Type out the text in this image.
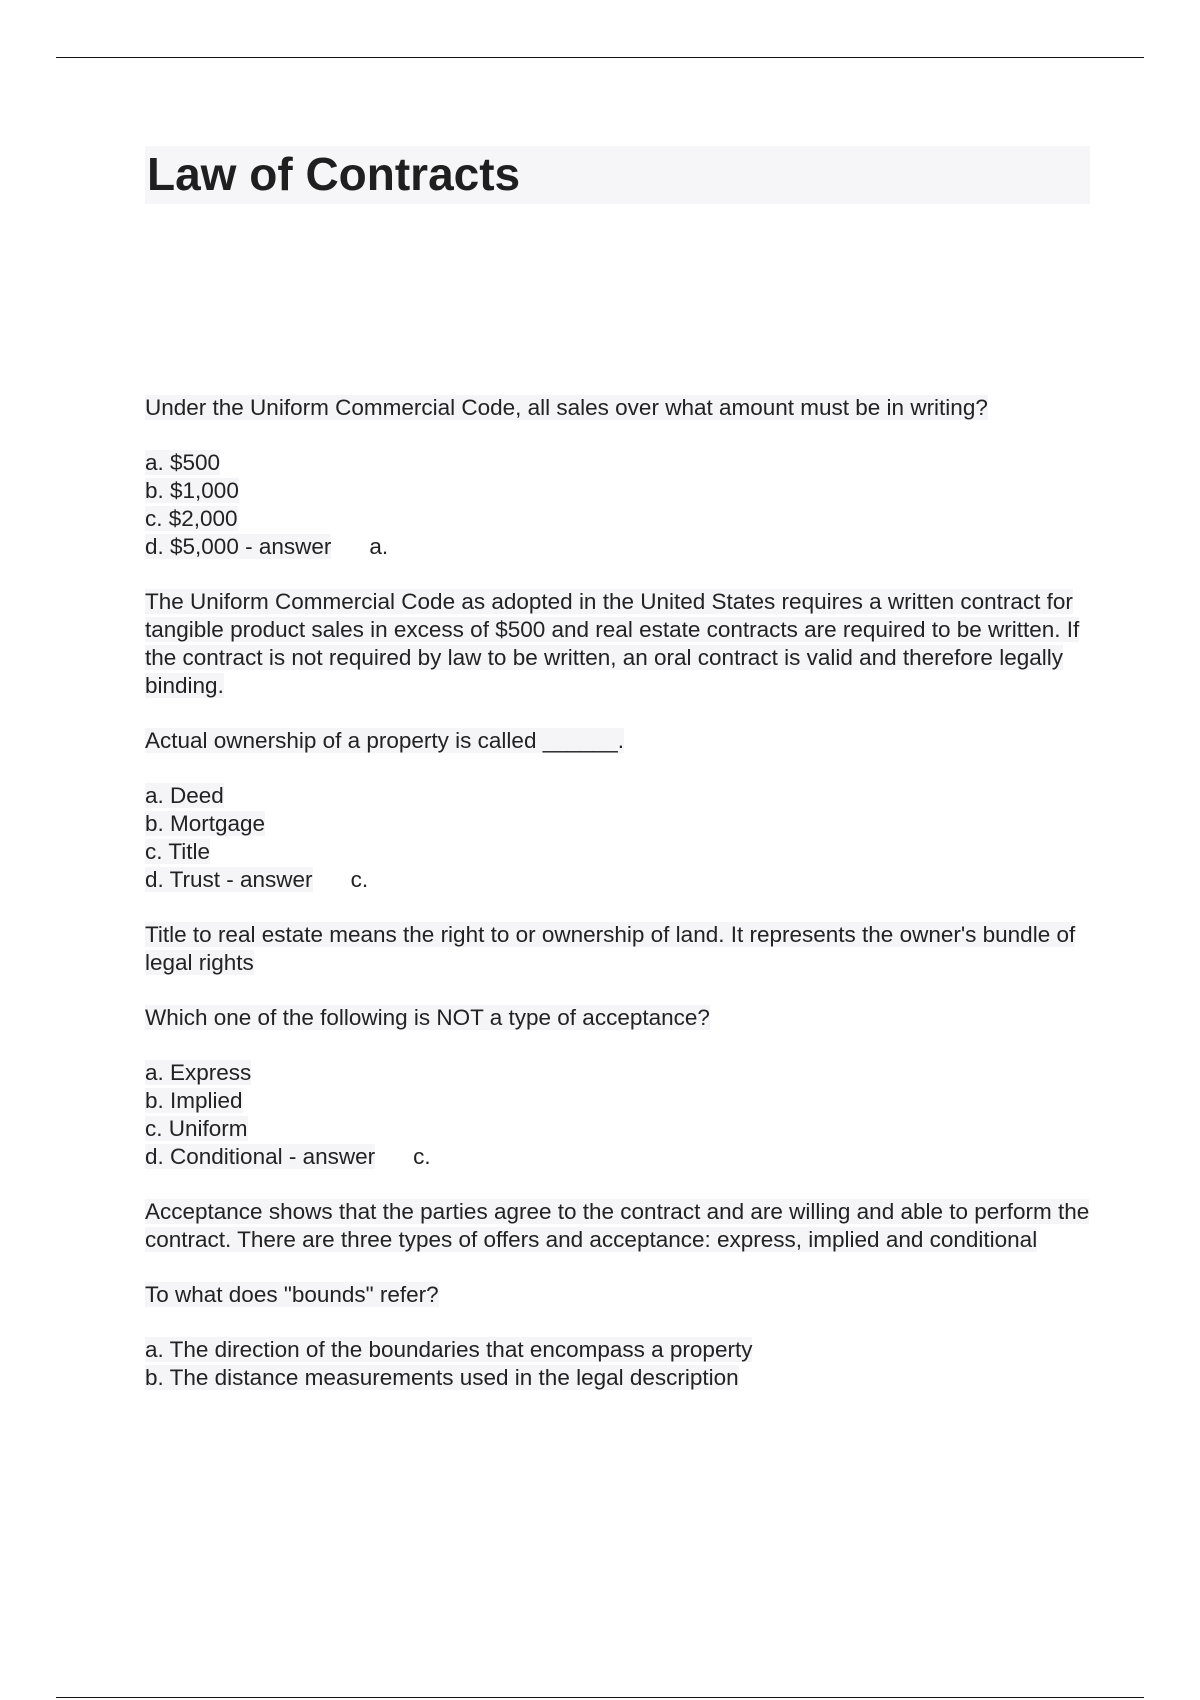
Law of Contracts

Under the Uniform Commercial Code, all sales over what amount must be in writing?

a. $500
b. $1,000
c. $2,000
d. $5,000 - answer a.

The Uniform Commercial Code as adopted in the United States requires a written contract for tangible product sales in excess of $500 and real estate contracts are required to be written. If the contract is not required by law to be written, an oral contract is valid and therefore legally binding.

Actual ownership of a property is called ______.

a. Deed
b. Mortgage
c. Title
d. Trust - answer c.

Title to real estate means the right to or ownership of land. It represents the owner's bundle of legal rights

Which one of the following is NOT a type of acceptance?

a. Express
b. Implied
c. Uniform
d. Conditional - answer c.

Acceptance shows that the parties agree to the contract and are willing and able to perform the contract. There are three types of offers and acceptance: express, implied and conditional

To what does "bounds" refer?

a. The direction of the boundaries that encompass a property
b. The distance measurements used in the legal description
